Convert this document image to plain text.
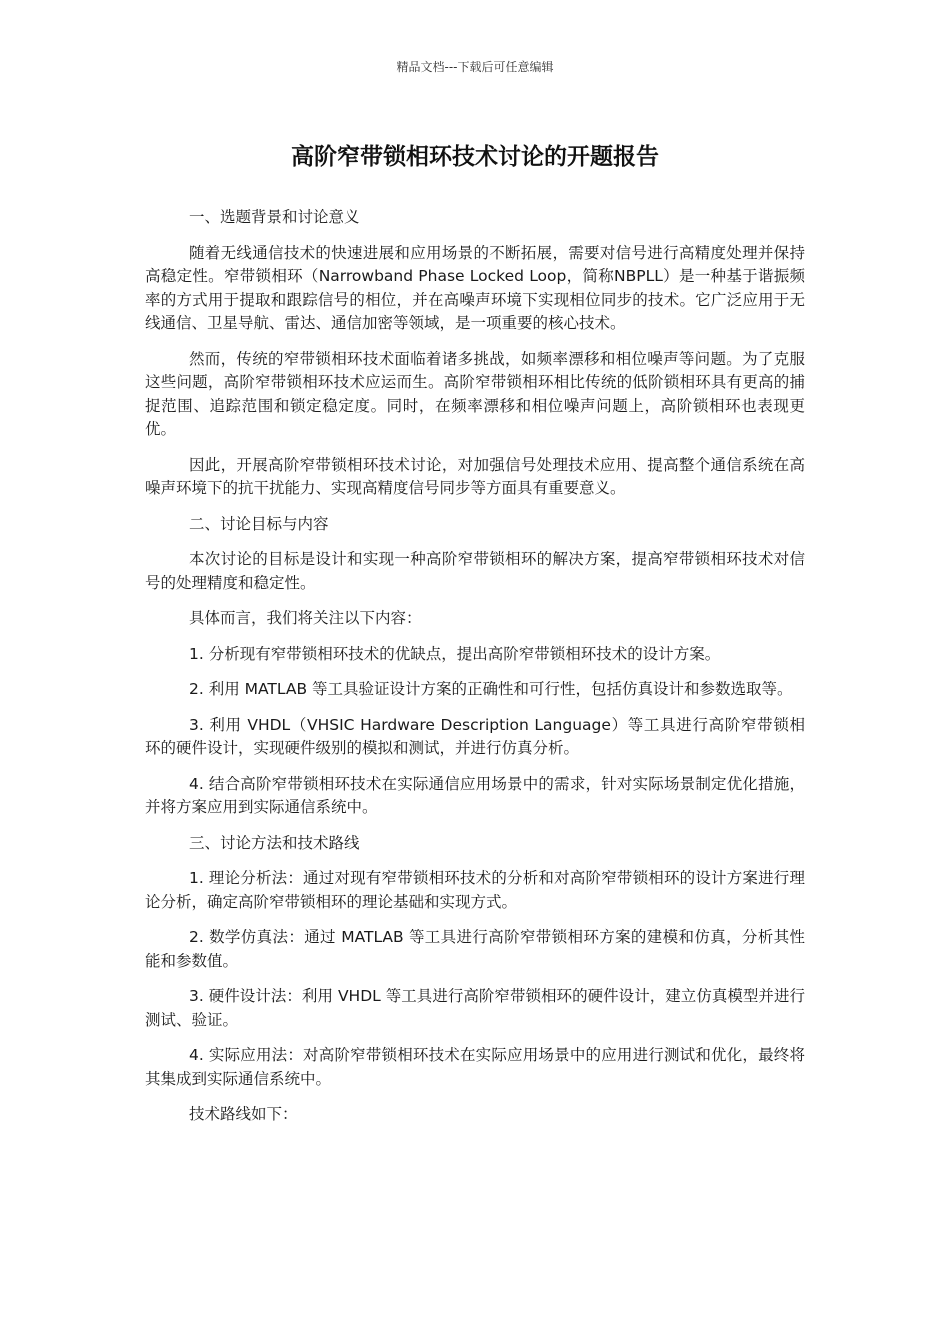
精品文档---下载后可任意编辑
高阶窄带锁相环技术讨论的开题报告

一、选题背景和讨论意义

随着无线通信技术的快速进展和应用场景的不断拓展，需要对信号进行高精度处理并保持高稳定性。窄带锁相环（Narrowband Phase Locked Loop，简称NBPLL）是一种基于谐振频率的方式用于提取和跟踪信号的相位，并在高噪声环境下实现相位同步的技术。它广泛应用于无线通信、卫星导航、雷达、通信加密等领域，是一项重要的核心技术。

然而，传统的窄带锁相环技术面临着诸多挑战，如频率漂移和相位噪声等问题。为了克服这些问题，高阶窄带锁相环技术应运而生。高阶窄带锁相环相比传统的低阶锁相环具有更高的捕捉范围、追踪范围和锁定稳定度。同时，在频率漂移和相位噪声问题上，高阶锁相环也表现更优。

因此，开展高阶窄带锁相环技术讨论，对加强信号处理技术应用、提高整个通信系统在高噪声环境下的抗干扰能力、实现高精度信号同步等方面具有重要意义。

二、讨论目标与内容

本次讨论的目标是设计和实现一种高阶窄带锁相环的解决方案，提高窄带锁相环技术对信号的处理精度和稳定性。

具体而言，我们将关注以下内容：

1. 分析现有窄带锁相环技术的优缺点，提出高阶窄带锁相环技术的设计方案。

2. 利用 MATLAB 等工具验证设计方案的正确性和可行性，包括仿真设计和参数选取等。

3. 利用 VHDL（VHSIC Hardware Description Language）等工具进行高阶窄带锁相环的硬件设计，实现硬件级别的模拟和测试，并进行仿真分析。

4. 结合高阶窄带锁相环技术在实际通信应用场景中的需求，针对实际场景制定优化措施，并将方案应用到实际通信系统中。

三、讨论方法和技术路线

1. 理论分析法：通过对现有窄带锁相环技术的分析和对高阶窄带锁相环的设计方案进行理论分析，确定高阶窄带锁相环的理论基础和实现方式。

2. 数学仿真法：通过 MATLAB 等工具进行高阶窄带锁相环方案的建模和仿真，分析其性能和参数值。

3. 硬件设计法：利用 VHDL 等工具进行高阶窄带锁相环的硬件设计，建立仿真模型并进行测试、验证。

4. 实际应用法：对高阶窄带锁相环技术在实际应用场景中的应用进行测试和优化，最终将其集成到实际通信系统中。

技术路线如下：
